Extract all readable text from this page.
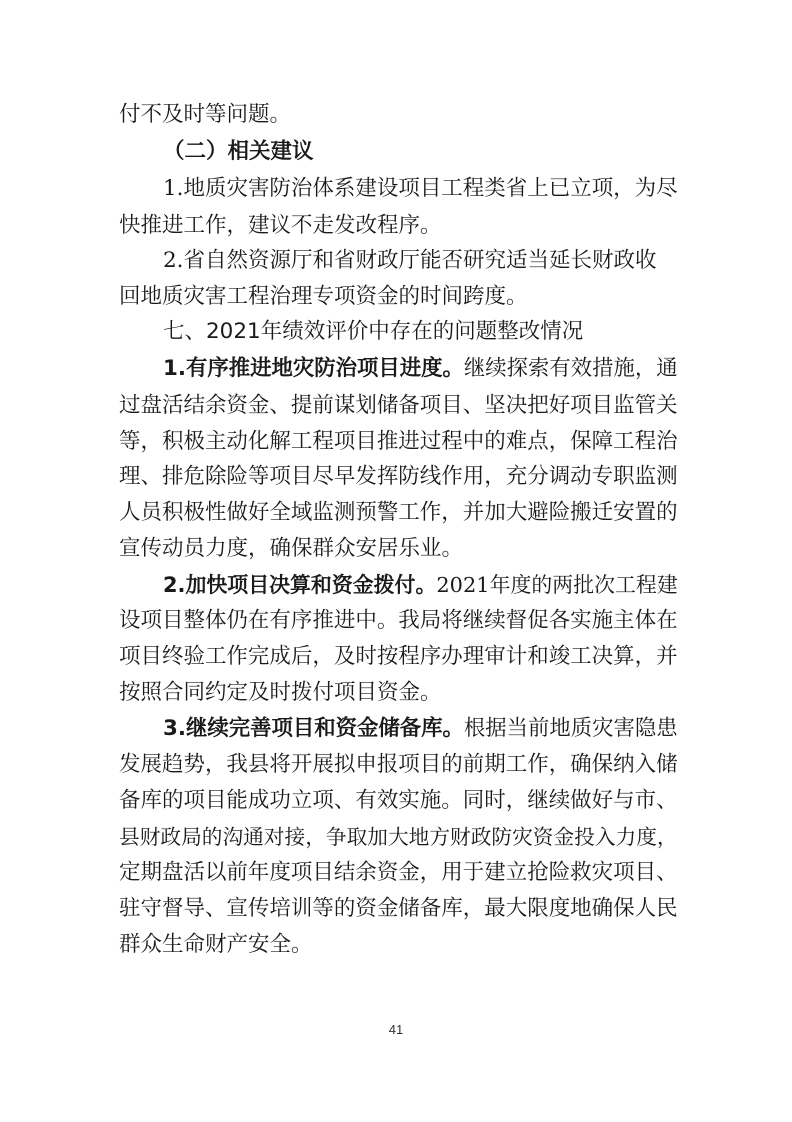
付不及时等问题。
（二）相关建议
1.地质灾害防治体系建设项目工程类省上已立项，为尽
快推进工作，建议不走发改程序。
2.省自然资源厅和省财政厅能否研究适当延长财政收
回地质灾害工程治理专项资金的时间跨度。
七、2021年绩效评价中存在的问题整改情况
1.有序推进地灾防治项目进度。继续探索有效措施，通
过盘活结余资金、提前谋划储备项目、坚决把好项目监管关
等，积极主动化解工程项目推进过程中的难点，保障工程治
理、排危除险等项目尽早发挥防线作用，充分调动专职监测
人员积极性做好全域监测预警工作，并加大避险搬迁安置的
宣传动员力度，确保群众安居乐业。
2.加快项目决算和资金拨付。2021年度的两批次工程建
设项目整体仍在有序推进中。我局将继续督促各实施主体在
项目终验工作完成后，及时按程序办理审计和竣工决算，并
按照合同约定及时拨付项目资金。
3.继续完善项目和资金储备库。根据当前地质灾害隐患
发展趋势，我县将开展拟申报项目的前期工作，确保纳入储
备库的项目能成功立项、有效实施。同时，继续做好与市、
县财政局的沟通对接，争取加大地方财政防灾资金投入力度，
定期盘活以前年度项目结余资金，用于建立抢险救灾项目、
驻守督导、宣传培训等的资金储备库，最大限度地确保人民
群众生命财产安全。
41
